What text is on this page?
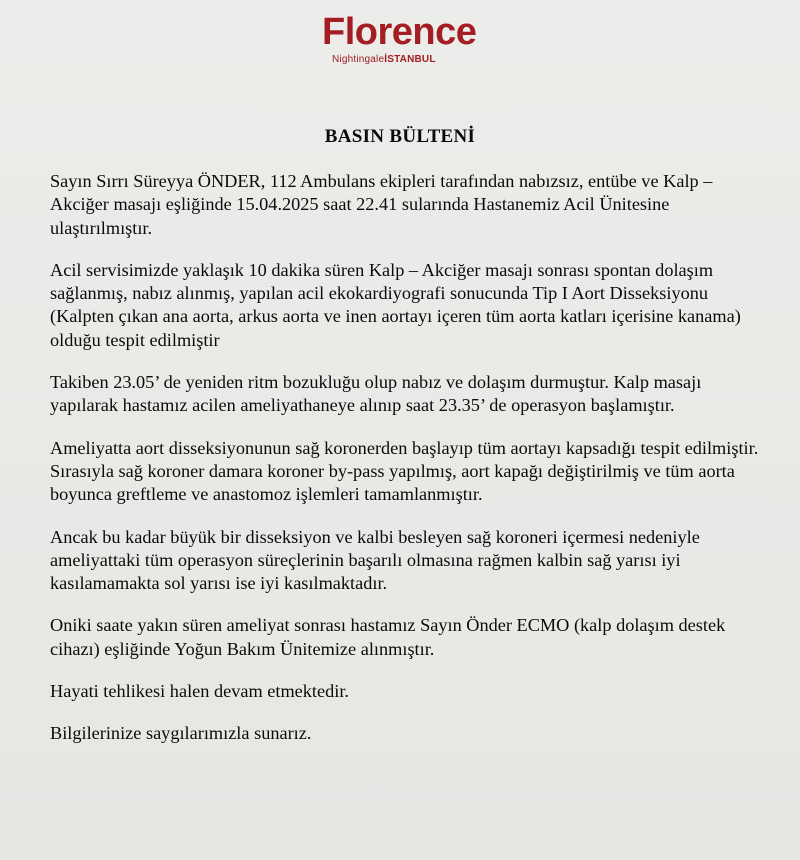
Florence
NightingaleİSTANBUL
BASIN BÜLTENİ

Sayın Sırrı Süreyya ÖNDER, 112 Ambulans ekipleri tarafından nabızsız, entübe ve Kalp – Akciğer masajı eşliğinde 15.04.2025 saat 22.41 sularında Hastanemiz Acil Ünitesine ulaştırılmıştır.

Acil servisimizde yaklaşık 10 dakika süren Kalp – Akciğer masajı sonrası spontan dolaşım sağlanmış, nabız alınmış, yapılan acil ekokardiyografi sonucunda Tip I Aort Disseksiyonu (Kalpten çıkan ana aorta, arkus aorta ve inen aortayı içeren tüm aorta katları içerisine kanama) olduğu tespit edilmiştir

Takiben 23.05’ de yeniden ritm bozukluğu olup nabız ve dolaşım durmuştur. Kalp masajı yapılarak hastamız acilen ameliyathaneye alınıp saat 23.35’ de operasyon başlamıştır.

Ameliyatta aort disseksiyonunun sağ koronerden başlayıp tüm aortayı kapsadığı tespit edilmiştir. Sırasıyla sağ koroner damara koroner by-pass yapılmış, aort kapağı değiştirilmiş ve tüm aorta boyunca greftleme ve anastomoz işlemleri tamamlanmıştır.

Ancak bu kadar büyük bir disseksiyon ve kalbi besleyen sağ koroneri içermesi nedeniyle ameliyattaki tüm operasyon süreçlerinin başarılı olmasına rağmen kalbin sağ yarısı iyi kasılamamakta sol yarısı ise iyi kasılmaktadır.

Oniki saate yakın süren ameliyat sonrası hastamız Sayın Önder ECMO (kalp dolaşım destek cihazı) eşliğinde Yoğun Bakım Ünitemize alınmıştır.

Hayati tehlikesi halen devam etmektedir.

Bilgilerinize saygılarımızla sunarız.
